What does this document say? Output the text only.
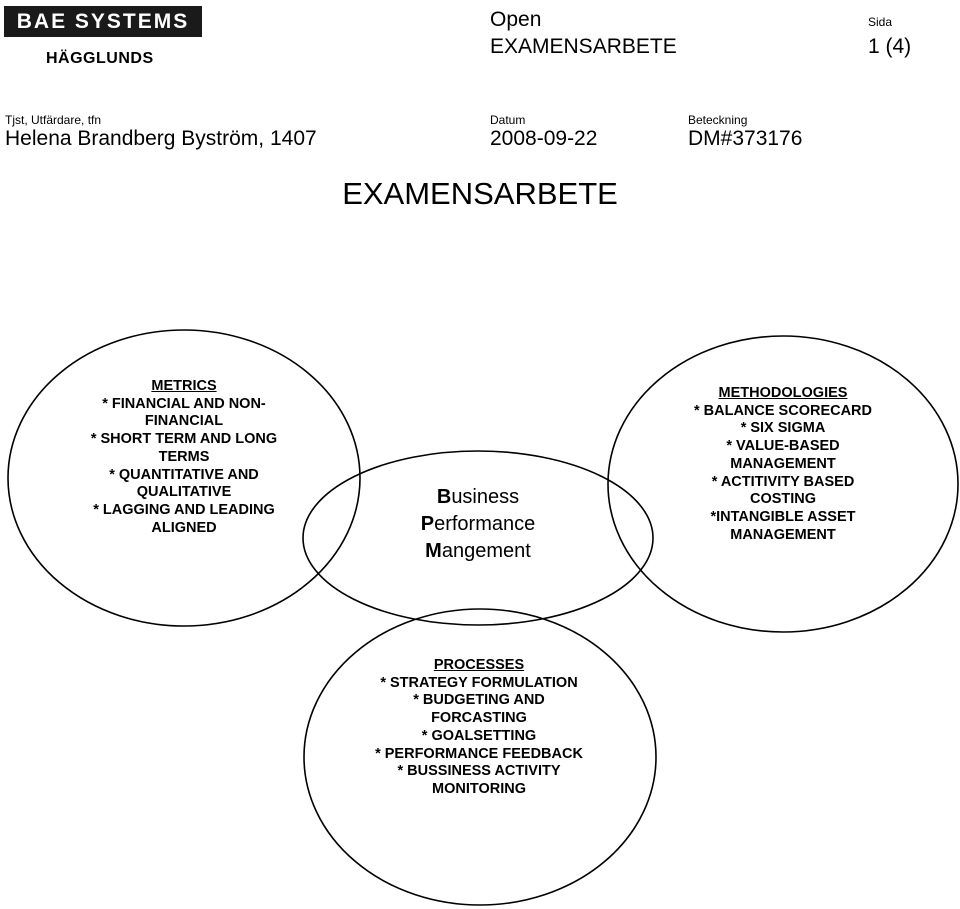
BAE SYSTEMS
HÄGGLUNDS
Open
EXAMENSARBETE
Sida
1 (4)
Tjst, Utfärdare, tfn
Helena Brandberg Byström, 1407
Datum
2008-09-22
Beteckning
DM#373176
EXAMENSARBETE
METRICS
* FINANCIAL AND NON-
FINANCIAL
* SHORT TERM AND LONG
TERMS
* QUANTITATIVE AND
QUALITATIVE
* LAGGING AND LEADING
ALIGNED
Business
Performance
Mangement
METHODOLOGIES
* BALANCE SCORECARD
* SIX SIGMA
* VALUE-BASED
MANAGEMENT
* ACTITIVITY BASED
COSTING
*INTANGIBLE ASSET
MANAGEMENT
PROCESSES
* STRATEGY FORMULATION
* BUDGETING AND
FORCASTING
* GOALSETTING
* PERFORMANCE FEEDBACK
* BUSSINESS ACTIVITY
MONITORING
